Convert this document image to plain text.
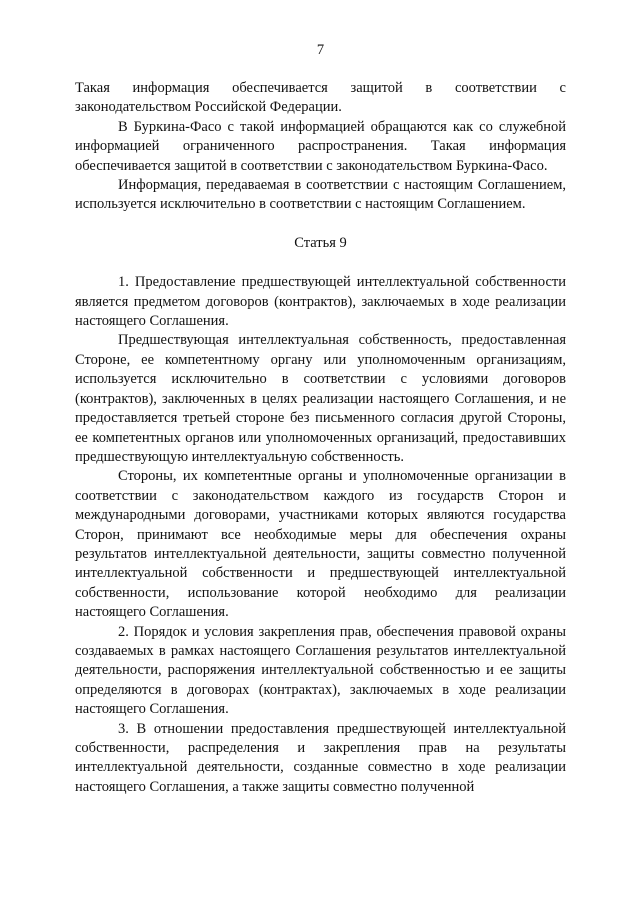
7

Такая информация обеспечивается защитой в соответствии с законодательством Российской Федерации.

В Буркина-Фасо с такой информацией обращаются как со служебной информацией ограниченного распространения. Такая информация обеспечивается защитой в соответствии с законодательством Буркина-Фасо.

Информация, передаваемая в соответствии с настоящим Соглашением, используется исключительно в соответствии с настоящим Соглашением.

Статья 9

1. Предоставление предшествующей интеллектуальной собственности является предметом договоров (контрактов), заключаемых в ходе реализации настоящего Соглашения.

Предшествующая интеллектуальная собственность, предоставленная Стороне, ее компетентному органу или уполномоченным организациям, используется исключительно в соответствии с условиями договоров (контрактов), заключенных в целях реализации настоящего Соглашения, и не предоставляется третьей стороне без письменного согласия другой Стороны, ее компетентных органов или уполномоченных организаций, предоставивших предшествующую интеллектуальную собственность.

Стороны, их компетентные органы и уполномоченные организации в соответствии с законодательством каждого из государств Сторон и международными договорами, участниками которых являются государства Сторон, принимают все необходимые меры для обеспечения охраны результатов интеллектуальной деятельности, защиты совместно полученной интеллектуальной собственности и предшествующей интеллектуальной собственности, использование которой необходимо для реализации настоящего Соглашения.

2. Порядок и условия закрепления прав, обеспечения правовой охраны создаваемых в рамках настоящего Соглашения результатов интеллектуальной деятельности, распоряжения интеллектуальной собственностью и ее защиты определяются в договорах (контрактах), заключаемых в ходе реализации настоящего Соглашения.

3. В отношении предоставления предшествующей интеллектуальной собственности, распределения и закрепления прав на результаты интеллектуальной деятельности, созданные совместно в ходе реализации настоящего Соглашения, а также защиты совместно полученной
